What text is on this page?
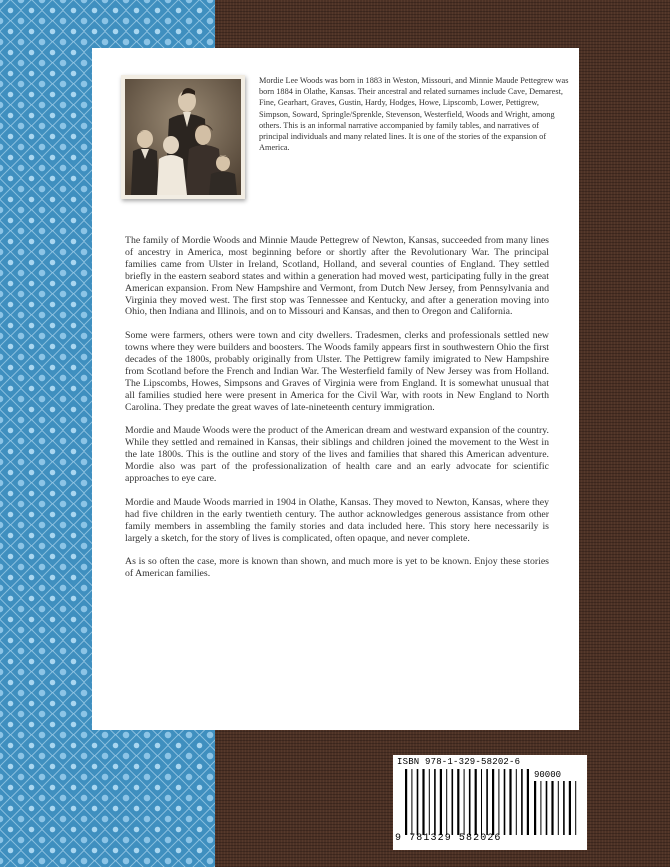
Mordie Lee Woods was born in 1883 in Weston, Missouri, and Minnie Maude Pettegrew was born 1884 in Olathe, Kansas. Their ancestral and related surnames include Cave, Demarest, Fine, Gearhart, Graves, Gustin, Hardy, Hodges, Howe, Lipscomb, Lower, Pettigrew, Simpson, Soward, Springle/Sprenkle, Stevenson, Westerfield, Woods and Wright, among others. This is an informal narrative accompanied by family tables, and narratives of principal individuals and many related lines. It is one of the stories of the expansion of America.

The family of Mordie Woods and Minnie Maude Pettegrew of Newton, Kansas, succeeded from many lines of ancestry in America, most beginning before or shortly after the Revolutionary War. The principal families came from Ulster in Ireland, Scotland, Holland, and several counties of England. They settled briefly in the eastern seabord states and within a generation had moved west, participating fully in the great American expansion. From New Hampshire and Vermont, from Dutch New Jersey, from Pennsylvania and Virginia they moved west. The first stop was Tennessee and Kentucky, and after a generation moving into Ohio, then Indiana and Illinois, and on to Missouri and Kansas, and then to Oregon and California.

Some were farmers, others were town and city dwellers. Tradesmen, clerks and professionals settled new towns where they were builders and boosters. The Woods family appears first in southwestern Ohio the first decades of the 1800s, probably originally from Ulster. The Pettigrew family imigrated to New Hampshire from Scotland before the French and Indian War. The Westerfield family of New Jersey was from Holland. The Lipscombs, Howes, Simpsons and Graves of Virginia were from England. It is somewhat unusual that all families studied here were present in America for the Civil War, with roots in New England to North Carolina. They predate the great waves of late-nineteenth century immigration.

Mordie and Maude Woods were the product of the American dream and westward expansion of the country. While they settled and remained in Kansas, their siblings and children joined the movement to the West in the late 1800s. This is the outline and story of the lives and families that shared this American adventure. Mordie also was part of the professionalization of health care and an early advocate for scientific approaches to eye care.

Mordie and Maude Woods married in 1904 in Olathe, Kansas. They moved to Newton, Kansas, where they had five children in the early twentieth century. The author acknowledges generous assistance from other family members in assembling the family stories and data included here. This story here necessarily is largely a sketch, for the story of lives is complicated, often opaque, and never complete.

As is so often the case, more is known than shown, and much more is yet to be known. Enjoy these stories of American families.

ISBN 978-1-329-58202-6
90000
9 781329 582026
